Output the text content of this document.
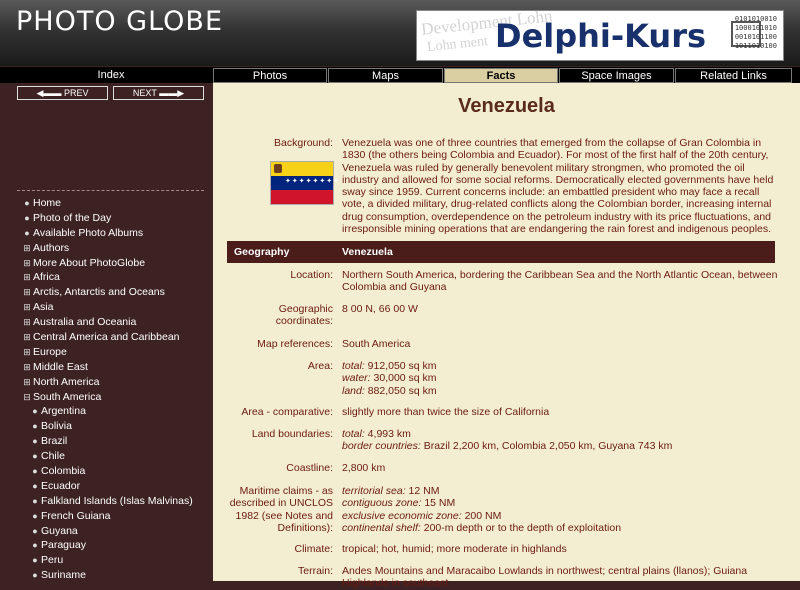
PHOTO GLOBE	Development Lohn
Lohn ment Delphi-Kurs	0101010010
1000101010
0010101100
1011010100
Index	Photos	Maps	Facts	Space Images	Related Links
◀▬▬ PREV	NEXT ▬▬▶
● Home
● Photo of the Day
● Available Photo Albums
⊞ Authors
⊞ More About PhotoGlobe
⊞ Africa
⊞ Arctis, Antarctis and Oceans
⊞ Asia
⊞ Australia and Oceania
⊞ Central America and Caribbean
⊞ Europe
⊞ Middle East
⊞ North America
⊟ South America
● Argentina
● Bolivia
● Brazil
● Chile
● Colombia
● Ecuador
● Falkland Islands (Islas Malvinas)
● French Guiana
● Guyana
● Paraguay
● Peru
● Suriname
Venezuela
Background: Venezuela was one of three countries that emerged from the collapse of Gran Colombia in 1830 (the others being Colombia and Ecuador). For most of the first half of the 20th century, Venezuela was ruled by generally benevolent military strongmen, who promoted the oil industry and allowed for some social reforms. Democratically elected governments have held sway since 1959. Current concerns include: an embattled president who may face a recall vote, a divided military, drug-related conflicts along the Colombian border, increasing internal drug consumption, overdependence on the petroleum industry with its price fluctuations, and irresponsible mining operations that are endangering the rain forest and indigenous peoples.
✦✦✦✦✦✦✦✦
Geography	Venezuela
Location: Northern South America, bordering the Caribbean Sea and the North Atlantic Ocean, between Colombia and Guyana
Geographic coordinates:
8 00 N, 66 00 W
Map references: South America
Area: total: 912,050 sq km
water: 30,000 sq km
land: 882,050 sq km
Area - comparative: slightly more than twice the size of California
Land boundaries: total: 4,993 km
border countries: Brazil 2,200 km, Colombia 2,050 km, Guyana 743 km
Coastline: 2,800 km
Maritime claims - as described in UNCLOS 1982 (see Notes and Definitions):
territorial sea: 12 NM
contiguous zone: 15 NM
exclusive economic zone: 200 NM
continental shelf: 200-m depth or to the depth of exploitation
Climate: tropical; hot, humid; more moderate in highlands
Terrain: Andes Mountains and Maracaibo Lowlands in northwest; central plains (llanos); Guiana Highlands in southeast
